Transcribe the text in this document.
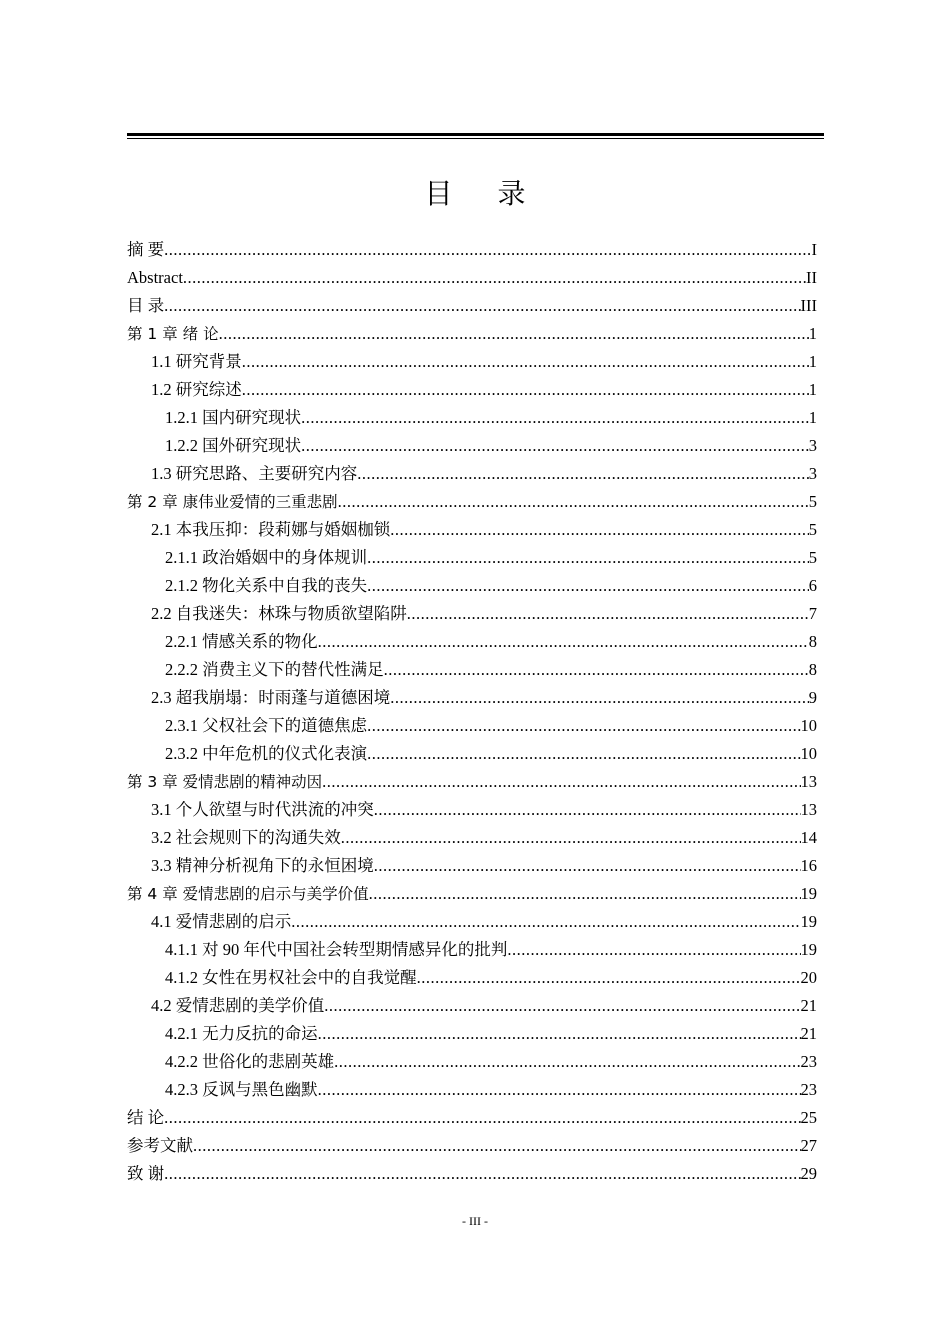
目 录
摘 要 .....	I
Abstract .....	II
目 录 .....	III
第 1 章 绪 论 .....	1
1.1 研究背景 .....	1
1.2 研究综述 .....	1
1.2.1 国内研究现状 .....	1
1.2.2 国外研究现状 .....	3
1.3 研究思路、主要研究内容 .....	3
第 2 章 康伟业爱情的三重悲剧 .....	5
2.1 本我压抑：段莉娜与婚姻枷锁 .....	5
2.1.1 政治婚姻中的身体规训 .....	5
2.1.2 物化关系中自我的丧失 .....	6
2.2 自我迷失：林珠与物质欲望陷阱 .....	7
2.2.1 情感关系的物化 .....	8
2.2.2 消费主义下的替代性满足 .....	8
2.3 超我崩塌：时雨蓬与道德困境 .....	9
2.3.1 父权社会下的道德焦虑 .....	10
2.3.2 中年危机的仪式化表演 .....	10
第 3 章 爱情悲剧的精神动因 .....	13
3.1 个人欲望与时代洪流的冲突 .....	13
3.2 社会规则下的沟通失效 .....	14
3.3 精神分析视角下的永恒困境 .....	16
第 4 章 爱情悲剧的启示与美学价值 .....	19
4.1 爱情悲剧的启示 .....	19
4.1.1 对 90 年代中国社会转型期情感异化的批判 .....	19
4.1.2 女性在男权社会中的自我觉醒 .....	20
4.2 爱情悲剧的美学价值 .....	21
4.2.1 无力反抗的命运 .....	21
4.2.2 世俗化的悲剧英雄 .....	23
4.2.3 反讽与黑色幽默 .....	23
结 论 .....	25
参考文献 .....	27
致 谢 .....	29
- III -
